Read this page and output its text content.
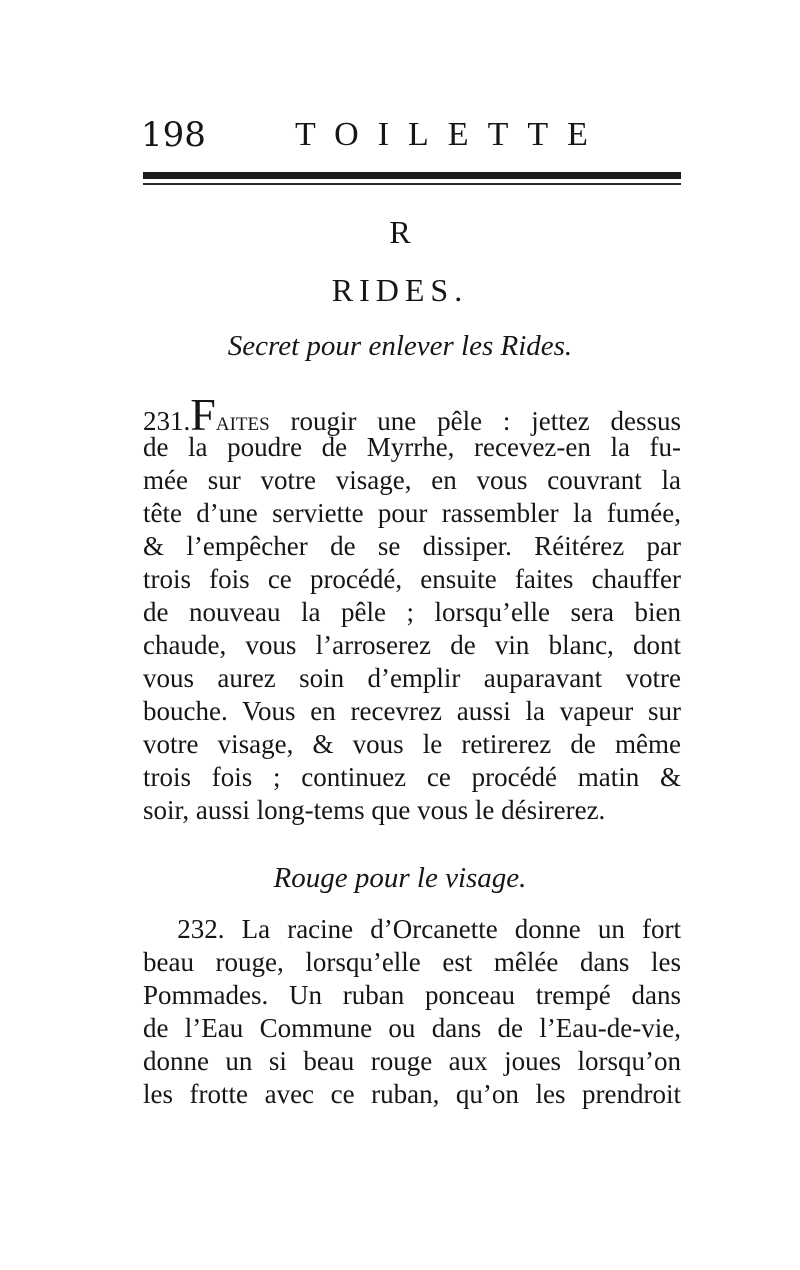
198	TOILETTE
R
RIDES.
Secret pour enlever les Rides.
231.Faites rougir une pêle : jettez dessus
de la poudre de Myrrhe, recevez-en la fu-
mée sur votre visage, en vous couvrant la
tête d’une serviette pour rassembler la fumée,
& l’empêcher de se dissiper. Réitérez par
trois fois ce procédé, ensuite faites chauffer
de nouveau la pêle ; lorsqu’elle sera bien
chaude, vous l’arroserez de vin blanc, dont
vous aurez soin d’emplir auparavant votre
bouche. Vous en recevrez aussi la vapeur sur
votre visage, & vous le retirerez de même
trois fois ; continuez ce procédé matin &
soir, aussi long-tems que vous le désirerez.
Rouge pour le visage.
232. La racine d’Orcanette donne un fort
beau rouge, lorsqu’elle est mêlée dans les
Pommades. Un ruban ponceau trempé dans
de l’Eau Commune ou dans de l’Eau-de-vie,
donne un si beau rouge aux joues lorsqu’on
les frotte avec ce ruban, qu’on les prendroit
